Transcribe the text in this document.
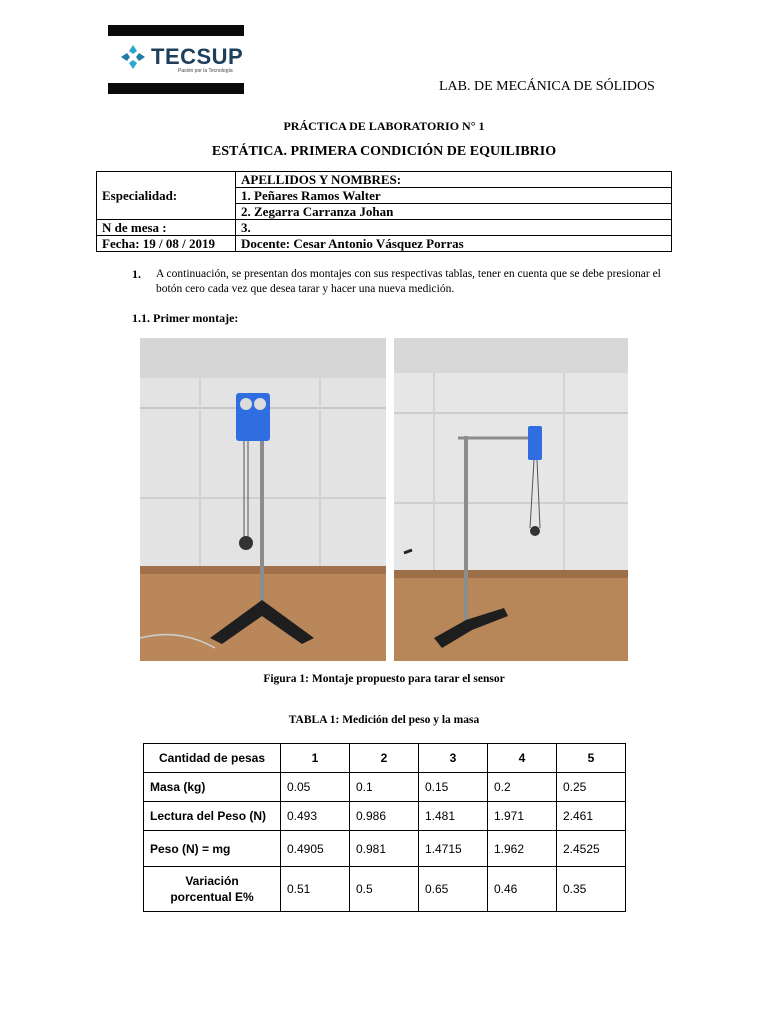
TECSUP
Pasión por la Tecnología
LAB. DE MECÁNICA DE SÓLIDOS
PRÁCTICA DE LABORATORIO N° 1
ESTÁTICA. PRIMERA CONDICIÓN DE EQUILIBRIO
Especialidad:	APELLIDOS Y NOMBRES:
	1. Peñares Ramos Walter
	2. Zegarra Carranza Johan
N de mesa :	3.
Fecha: 19 / 08 / 2019	Docente: Cesar Antonio Vásquez Porras
1. A continuación, se presentan dos montajes con sus respectivas tablas, tener en cuenta que se debe presionar el botón cero cada vez que desea tarar y hacer una nueva medición.
1.1. Primer montaje:
Figura 1: Montaje propuesto para tarar el sensor
TABLA 1: Medición del peso y la masa
Cantidad de pesas	1	2	3	4	5
Masa (kg)	0.05	0.1	0.15	0.2	0.25
Lectura del Peso (N)	0.493	0.986	1.481	1.971	2.461
Peso (N) = mg	0.4905	0.981	1.4715	1.962	2.4525
Variación
porcentual E%	0.51	0.5	0.65	0.46	0.35
